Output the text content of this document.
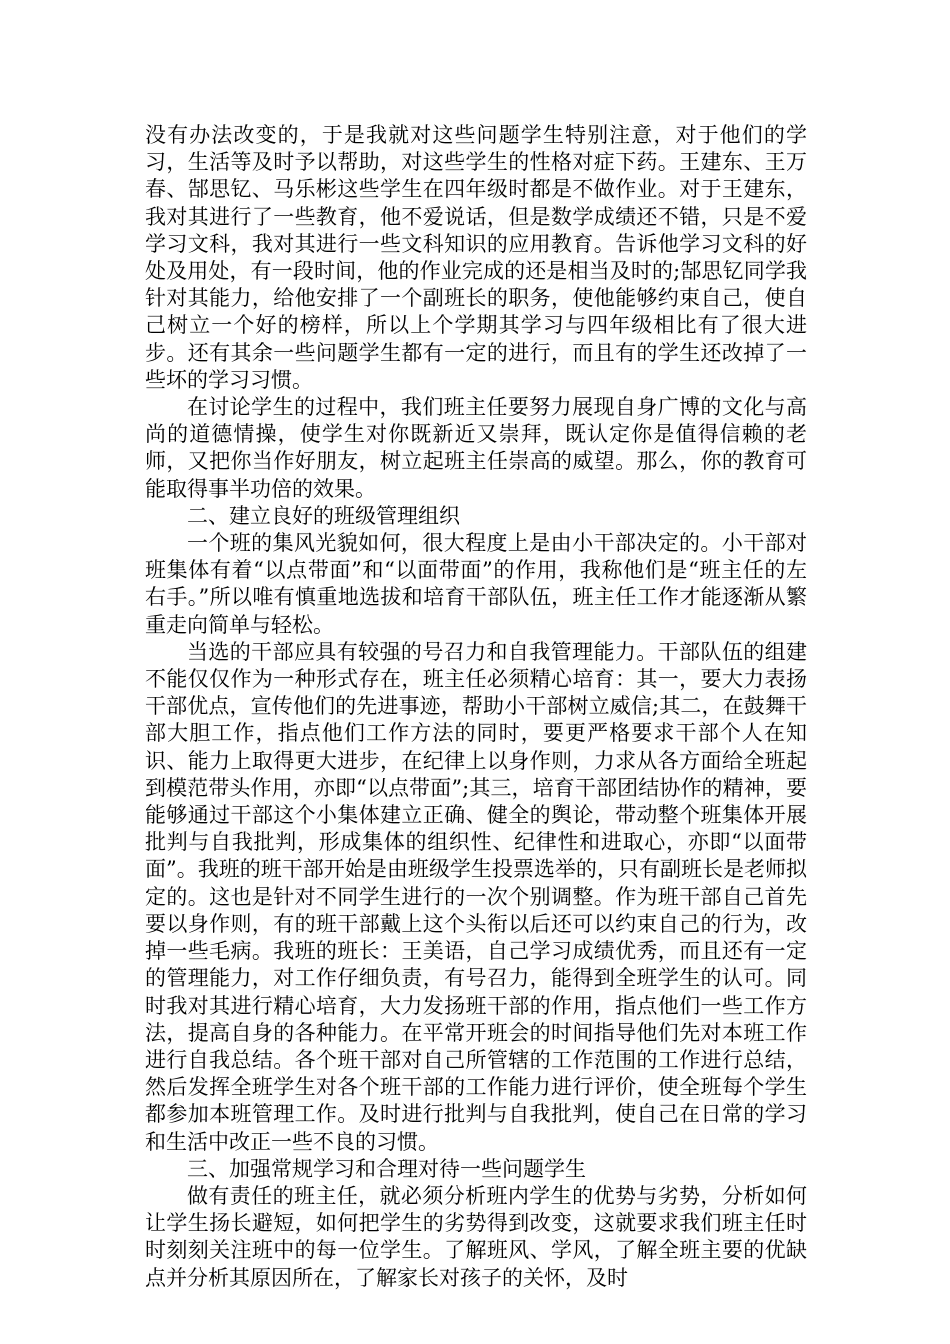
没有办法改变的，于是我就对这些问题学生特别注意，对于他们的学习，生活等及时予以帮助，对这些学生的性格对症下药。王建东、王万春、郜思钇、马乐彬这些学生在四年级时都是不做作业。对于王建东，我对其进行了一些教育，他不爱说话，但是数学成绩还不错，只是不爱学习文科，我对其进行一些文科知识的应用教育。告诉他学习文科的好处及用处，有一段时间，他的作业完成的还是相当及时的;郜思钇同学我针对其能力，给他安排了一个副班长的职务，使他能够约束自己，使自己树立一个好的榜样，所以上个学期其学习与四年级相比有了很大进步。还有其余一些问题学生都有一定的进行，而且有的学生还改掉了一些坏的学习习惯。

在讨论学生的过程中，我们班主任要努力展现自身广博的文化与高尚的道德情操，使学生对你既新近又崇拜，既认定你是值得信赖的老师，又把你当作好朋友，树立起班主任崇高的威望。那么，你的教育可能取得事半功倍的效果。

二、建立良好的班级管理组织

一个班的集风光貌如何，很大程度上是由小干部决定的。小干部对班集体有着“以点带面”和“以面带面”的作用，我称他们是“班主任的左右手。”所以唯有慎重地选拔和培育干部队伍，班主任工作才能逐渐从繁重走向简单与轻松。

当选的干部应具有较强的号召力和自我管理能力。干部队伍的组建不能仅仅作为一种形式存在，班主任必须精心培育：其一，要大力表扬干部优点，宣传他们的先进事迹，帮助小干部树立威信;其二，在鼓舞干部大胆工作，指点他们工作方法的同时，要更严格要求干部个人在知识、能力上取得更大进步，在纪律上以身作则，力求从各方面给全班起到模范带头作用，亦即“以点带面”;其三，培育干部团结协作的精神，要能够通过干部这个小集体建立正确、健全的舆论，带动整个班集体开展批判与自我批判，形成集体的组织性、纪律性和进取心，亦即“以面带面”。我班的班干部开始是由班级学生投票选举的，只有副班长是老师拟定的。这也是针对不同学生进行的一次个别调整。作为班干部自己首先要以身作则，有的班干部戴上这个头衔以后还可以约束自己的行为，改掉一些毛病。我班的班长：王美语，自己学习成绩优秀，而且还有一定的管理能力，对工作仔细负责，有号召力，能得到全班学生的认可。同时我对其进行精心培育，大力发扬班干部的作用，指点他们一些工作方法，提高自身的各种能力。在平常开班会的时间指导他们先对本班工作进行自我总结。各个班干部对自己所管辖的工作范围的工作进行总结，然后发挥全班学生对各个班干部的工作能力进行评价，使全班每个学生都参加本班管理工作。及时进行批判与自我批判，使自己在日常的学习和生活中改正一些不良的习惯。

三、加强常规学习和合理对待一些问题学生

做有责任的班主任，就必须分析班内学生的优势与劣势，分析如何让学生扬长避短，如何把学生的劣势得到改变，这就要求我们班主任时时刻刻关注班中的每一位学生。了解班风、学风，了解全班主要的优缺点并分析其原因所在，了解家长对孩子的关怀，及时
